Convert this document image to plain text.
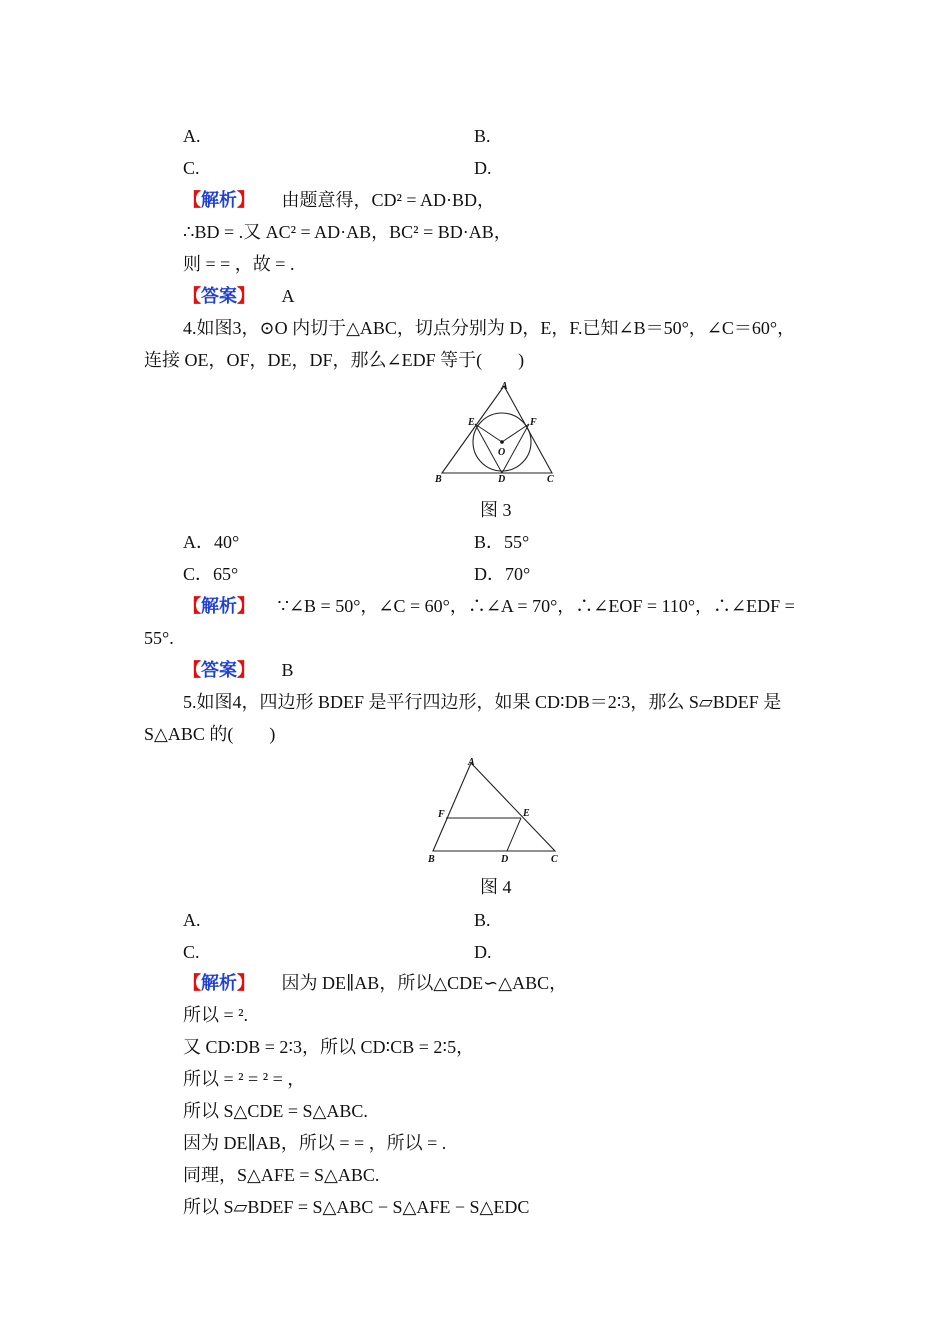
A.	B.
C.	D.
【解析】 由题意得，CD² = AD·BD，
∴BD = .又 AC² = AD·AB，BC² = BD·AB，
则 = = ，故 = .
【答案】 A
4.如图3，⊙O 内切于△ABC，切点分别为 D，E，F.已知∠B＝50°，∠C＝60°，
连接 OE，OF，DE，DF，那么∠EDF 等于(　　)
A
B	C
D
E	F
O
图 3
A．40°	B．55°
C．65°	D．70°
【解析】 ∵∠B = 50°，∠C = 60°，∴∠A = 70°，∴∠EOF = 110°，∴∠EDF =
55°.
【答案】 B
5.如图4，四边形 BDEF 是平行四边形，如果 CD∶DB＝2∶3，那么 S▱BDEF 是
S△ABC 的(　　)
A
B	C
D
E
F
图 4
A.	B.
C.	D.
【解析】 因为 DE∥AB，所以△CDE∽△ABC，
所以 = ².
又 CD∶DB = 2∶3，所以 CD∶CB = 2∶5，
所以 = ² = ² = ，
所以 S△CDE = S△ABC.
因为 DE∥AB，所以 = = ，所以 = .
同理，S△AFE = S△ABC.
所以 S▱BDEF = S△ABC − S△AFE − S△EDC
